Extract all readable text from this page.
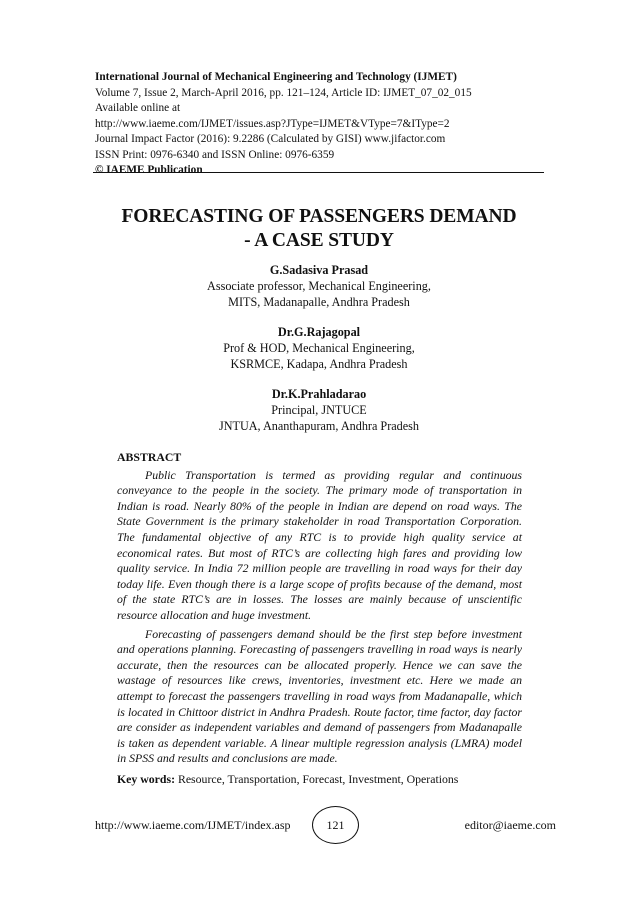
International Journal of Mechanical Engineering and Technology (IJMET)
Volume 7, Issue 2, March-April 2016, pp. 121–124, Article ID: IJMET_07_02_015
Available online at
http://www.iaeme.com/IJMET/issues.asp?JType=IJMET&VType=7&IType=2
Journal Impact Factor (2016): 9.2286 (Calculated by GISI) www.jifactor.com
ISSN Print: 0976-6340 and ISSN Online: 0976-6359
© IAEME Publication
FORECASTING OF PASSENGERS DEMAND
- A CASE STUDY
G.Sadasiva Prasad
Associate professor, Mechanical Engineering,
MITS, Madanapalle, Andhra Pradesh
Dr.G.Rajagopal
Prof & HOD, Mechanical Engineering,
KSRMCE, Kadapa, Andhra Pradesh
Dr.K.Prahladarao
Principal, JNTUCE
JNTUA, Ananthapuram, Andhra Pradesh
ABSTRACT

Public Transportation is termed as providing regular and continuous conveyance to the people in the society. The primary mode of transportation in Indian is road. Nearly 80% of the people in Indian are depend on road ways. The State Government is the primary stakeholder in road Transportation Corporation. The fundamental objective of any RTC is to provide high quality service at economical rates. But most of RTC’s are collecting high fares and providing low quality service. In India 72 million people are travelling in road ways for their day today life. Even though there is a large scope of profits because of the demand, most of the state RTC’s are in losses. The losses are mainly because of unscientific resource allocation and huge investment.

Forecasting of passengers demand should be the first step before investment and operations planning. Forecasting of passengers travelling in road ways is nearly accurate, then the resources can be allocated properly. Hence we can save the wastage of resources like crews, inventories, investment etc. Here we made an attempt to forecast the passengers travelling in road ways from Madanapalle, which is located in Chittoor district in Andhra Pradesh. Route factor, time factor, day factor are consider as independent variables and demand of passengers from Madanapalle is taken as dependent variable. A linear multiple regression analysis (LMRA) model in SPSS and results and conclusions are made.

Key words: Resource, Transportation, Forecast, Investment, Operations
http://www.iaeme.com/IJMET/index.asp	121	editor@iaeme.com
